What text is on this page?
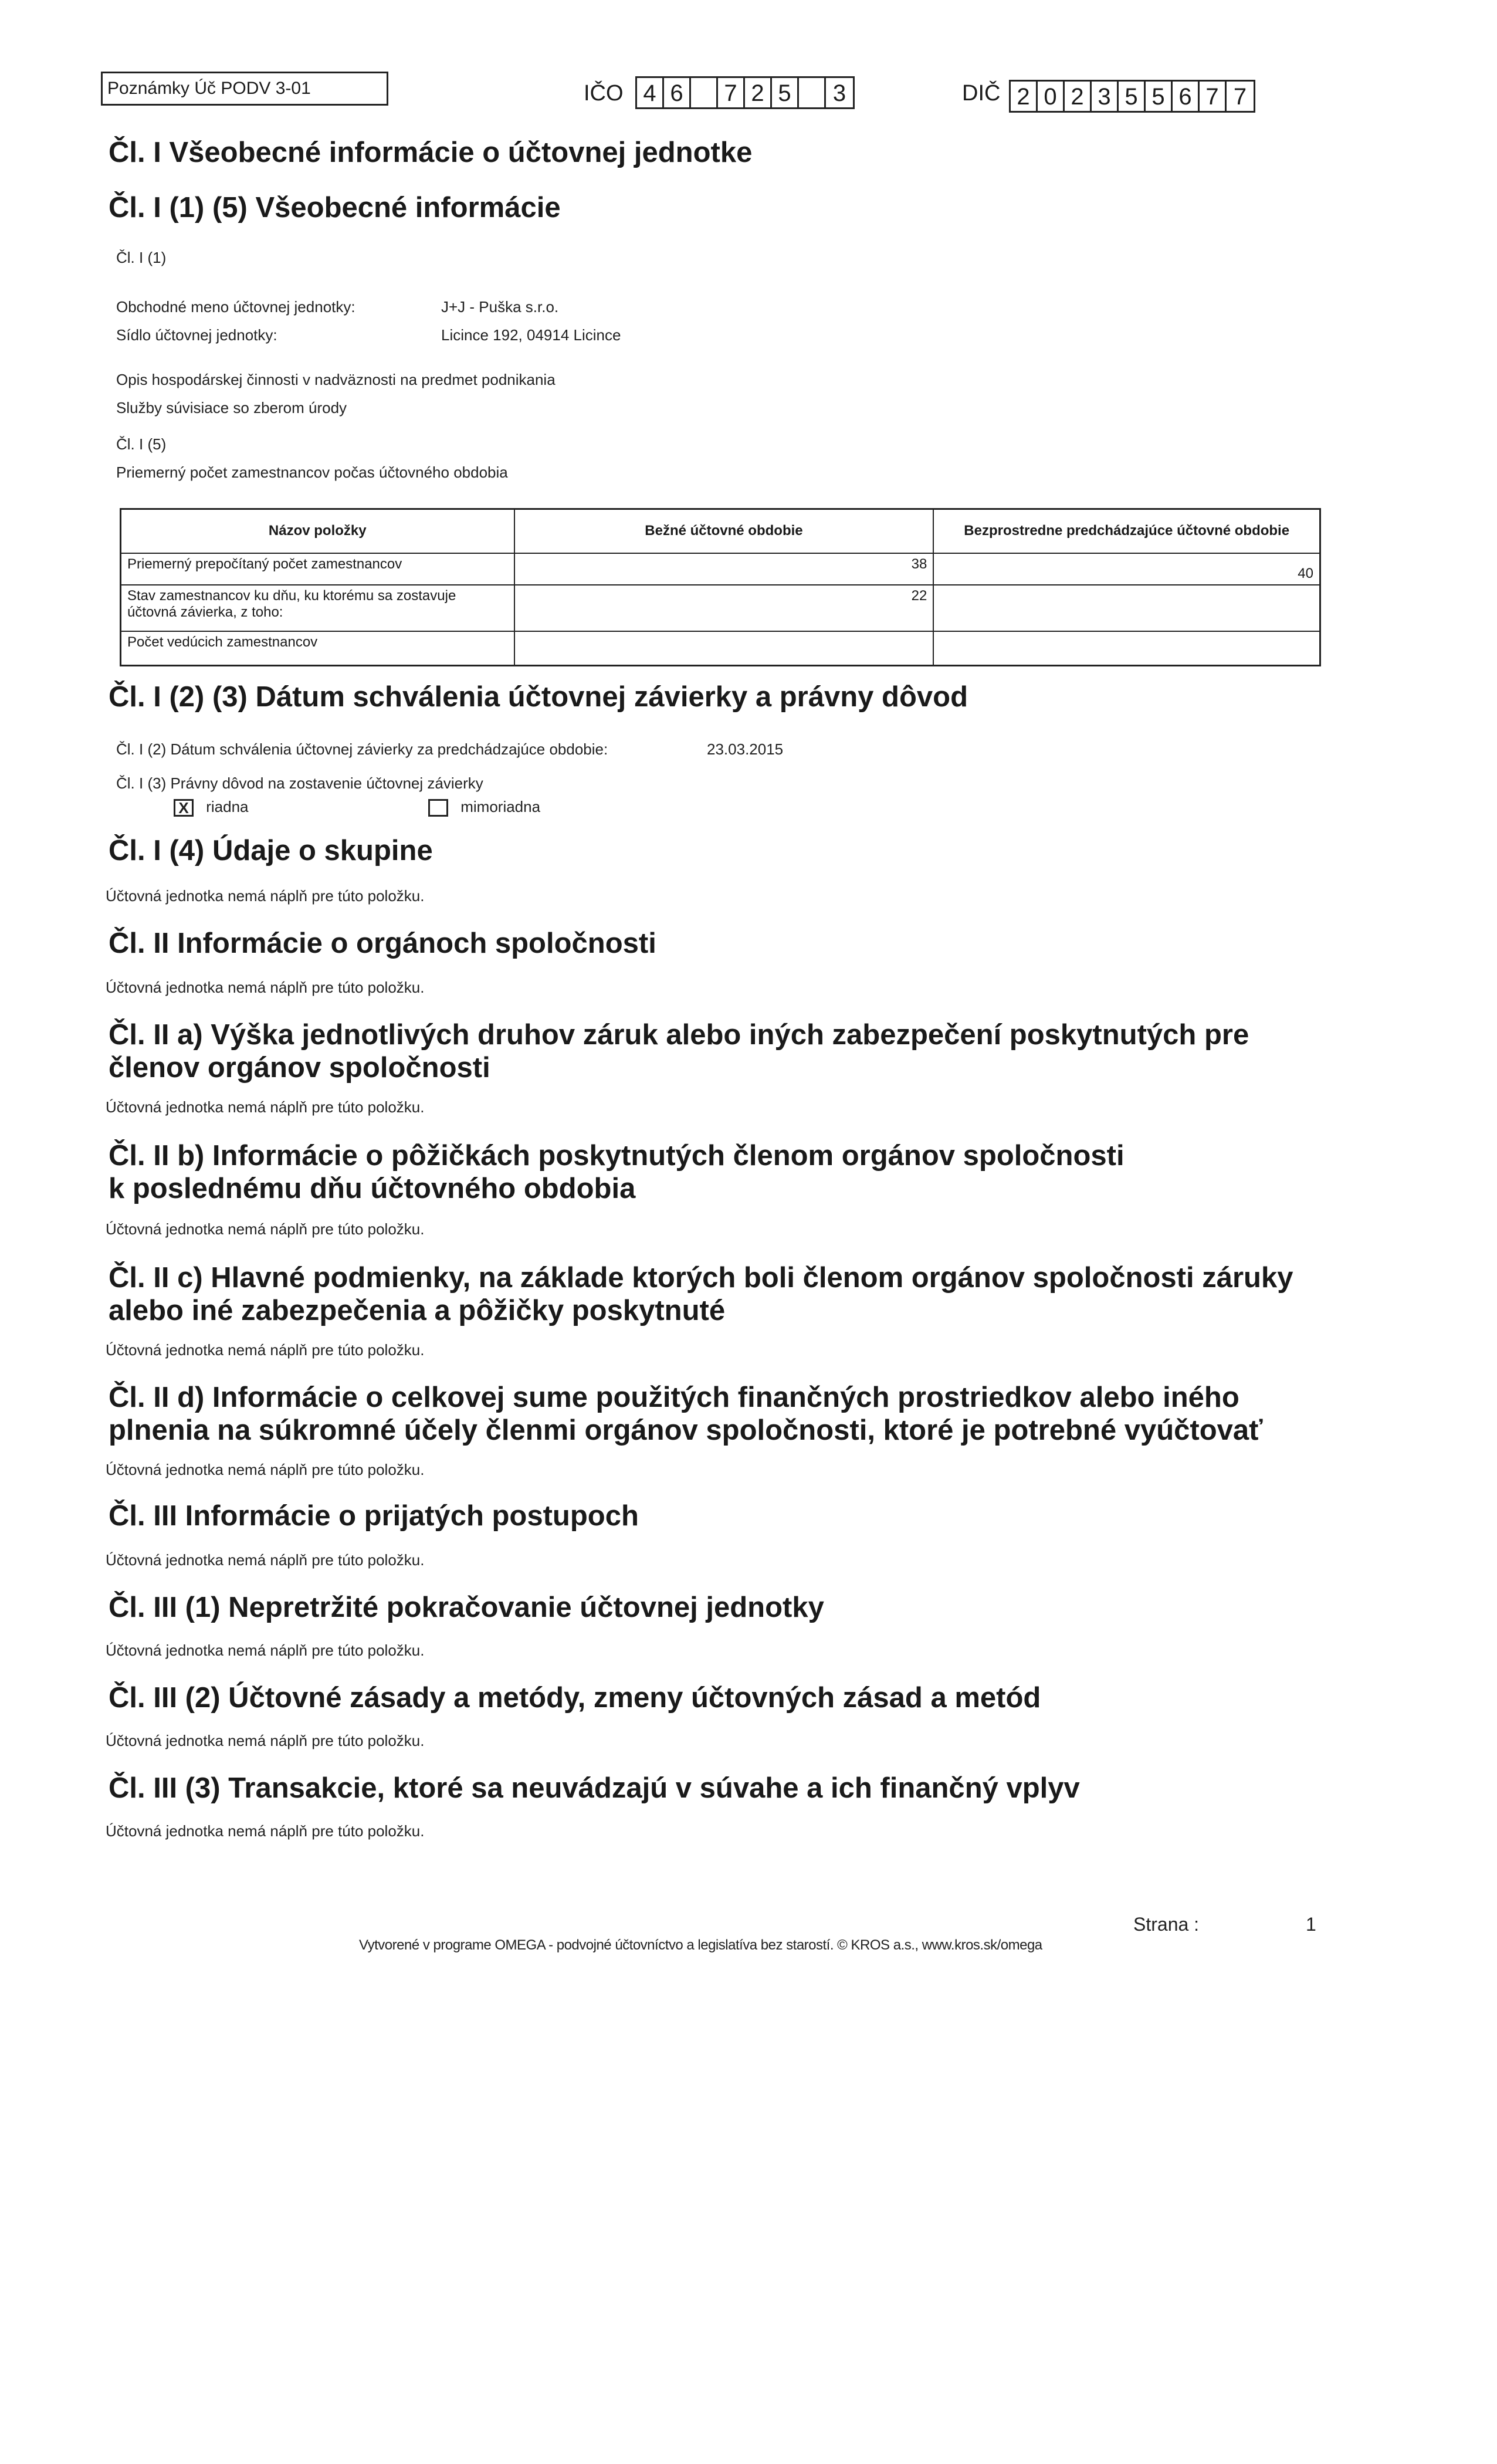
Poznámky Úč PODV 3-01	IČO 4 6	7 2 5	3	DIČ 2 0 2 3 5 5 6 7 7
Čl. I Všeobecné informácie o účtovnej jednotke
Čl. I (1) (5) Všeobecné informácie
Čl. I (1)
Obchodné meno účtovnej jednotky:	J+J - Puška s.r.o.
Sídlo účtovnej jednotky:	Licince 192, 04914 Licince
Opis hospodárskej činnosti v nadväznosti na predmet podnikania
Služby súvisiace so zberom úrody
Čl. I (5)
Priemerný počet zamestnancov počas účtovného obdobia
Názov položky	Bežné účtovné obdobie	Bezprostredne predchádzajúce účtovné obdobie
Priemerný prepočítaný počet zamestnancov	38	40
Stav zamestnancov ku dňu, ku ktorému sa zostavuje účtovná závierka, z toho:	22	
Počet vedúcich zamestnancov		
Čl. I (2) (3) Dátum schválenia účtovnej závierky a právny dôvod
Čl. I (2) Dátum schválenia účtovnej závierky za predchádzajúce obdobie:	23.03.2015
Čl. I (3) Právny dôvod na zostavenie účtovnej závierky
X riadna	mimoriadna
Čl. I (4) Údaje o skupine
Účtovná jednotka nemá náplň pre túto položku.
Čl. II Informácie o orgánoch spoločnosti
Účtovná jednotka nemá náplň pre túto položku.
Čl. II a) Výška jednotlivých druhov záruk alebo iných zabezpečení poskytnutých pre
členov orgánov spoločnosti
Účtovná jednotka nemá náplň pre túto položku.
Čl. II b) Informácie o pôžičkách poskytnutých členom orgánov spoločnosti
k poslednému dňu účtovného obdobia
Účtovná jednotka nemá náplň pre túto položku.
Čl. II c) Hlavné podmienky, na základe ktorých boli členom orgánov spoločnosti záruky
alebo iné zabezpečenia a pôžičky poskytnuté
Účtovná jednotka nemá náplň pre túto položku.
Čl. II d) Informácie o celkovej sume použitých finančných prostriedkov alebo iného
plnenia na súkromné účely členmi orgánov spoločnosti, ktoré je potrebné vyúčtovať
Účtovná jednotka nemá náplň pre túto položku.
Čl. III Informácie o prijatých postupoch
Účtovná jednotka nemá náplň pre túto položku.
Čl. III (1) Nepretržité pokračovanie účtovnej jednotky
Účtovná jednotka nemá náplň pre túto položku.
Čl. III (2) Účtovné zásady a metódy, zmeny účtovných zásad a metód
Účtovná jednotka nemá náplň pre túto položku.
Čl. III (3) Transakcie, ktoré sa neuvádzajú v súvahe a ich finančný vplyv
Účtovná jednotka nemá náplň pre túto položku.
Strana :	1
Vytvorené v programe OMEGA - podvojné účtovníctvo a legislatíva bez starostí. © KROS a.s., www.kros.sk/omega
